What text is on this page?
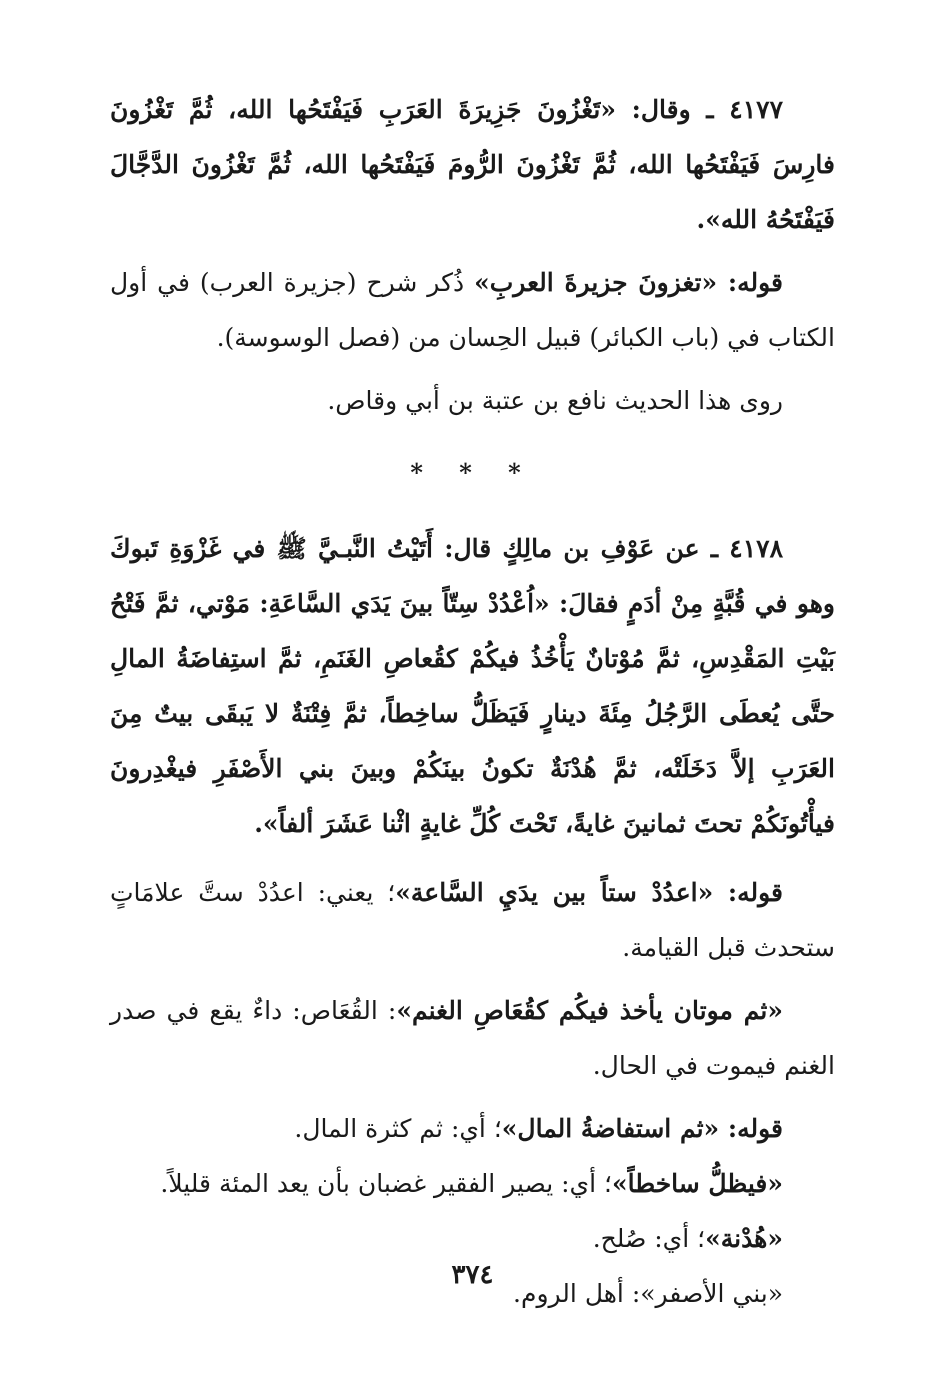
٤١٧٧ ـ وقال: «تَغْزُونَ جَزِيرَةَ العَرَبِ فَيَفْتَحُها الله، ثُمَّ تَغْزُونَ فارِسَ فَيَفْتَحُها الله، ثُمَّ تَغْزُونَ الرُّومَ فَيَفْتَحُها الله، ثُمَّ تَغْزُونَ الدَّجَّالَ فَيَفْتَحُهُ الله».

قوله: «تغزونَ جزيرةَ العربِ» ذُكر شرح (جزيرة العرب) في أول الكتاب في (باب الكبائر) قبيل الحِسان من (فصل الوسوسة).

روى هذا الحديث نافع بن عتبة بن أبي وقاص.

* * *

٤١٧٨ ـ عن عَوْفِ بن مالِكٍ قال: أَتَيْتُ النَّبـيَّ ﷺ في غَزْوَةِ تَبوكَ وهو في قُبَّةٍ مِنْ أدَمٍ فقالَ: «اُعْدُدْ سِتّاً بينَ يَدَي السَّاعَةِ: مَوْتي، ثمَّ فَتْحُ بَيْتِ المَقْدِسِ، ثمَّ مُوْتانٌ يَأْخُذُ فيكُمْ كقُعاصِ الغَنَمِ، ثمَّ استِفاضَةُ المالِ حتَّى يُعطَى الرَّجُلُ مِئَةَ دينارٍ فَيَظَلُّ ساخِطاً، ثمَّ فِتْنَةٌ لا يَبقَى بيتٌ مِنَ العَرَبِ إلاَّ دَخَلَتْه، ثمَّ هُدْنَةٌ تكونُ بينَكُمْ وبينَ بني الأَصْفَرِ فيغْدِرونَ فيأْتُونَكُمْ تحتَ ثمانينَ غايةً، تَحْتَ كُلِّ غايةٍ اثْنا عَشَرَ ألفاً».

قوله: «اعدُدْ ستاً بين يدَيِ السَّاعة»؛ يعني: اعدُدْ ستَّ علامَاتٍ ستحدث قبل القيامة.

«ثم موتان يأخذ فيكُم كقُعَاصِ الغنم»: القُعَاص: داءٌ يقع في صدر الغنم فيموت في الحال.

قوله: «ثم استفاضةُ المال»؛ أي: ثم كثرة المال.

«فيظلُّ ساخطاً»؛ أي: يصير الفقير غضبان بأن يعد المئة قليلاً.

«هُدْنة»؛ أي: صُلح.

«بني الأصفر»: أهل الروم.

٣٧٤
